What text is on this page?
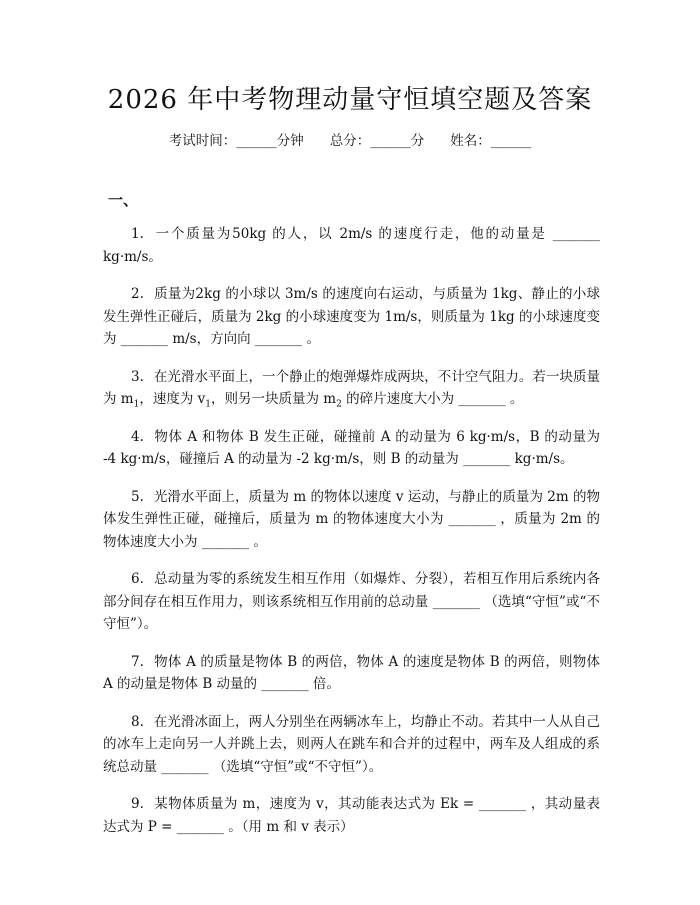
2026 年中考物理动量守恒填空题及答案
考试时间：______分钟 总分：______分 姓名：______
一、

1. 一个质量为50kg 的人，以 2m/s 的速度行走，他的动量是 _______ kg·m/s。

2. 质量为2kg 的小球以 3m/s 的速度向右运动，与质量为 1kg、静止的小球发生弹性正碰后，质量为 2kg 的小球速度变为 1m/s，则质量为 1kg 的小球速度变为 _______ m/s，方向向 _______ 。

3. 在光滑水平面上，一个静止的炮弹爆炸成两块，不计空气阻力。若一块质量为 $m_1$，速度为 $v_1$，则另一块质量为 $m_2$ 的碎片速度大小为 _______ 。

4. 物体 A 和物体 B 发生正碰，碰撞前 A 的动量为 6 kg·m/s，B 的动量为 -4 kg·m/s，碰撞后 A 的动量为 -2 kg·m/s，则 B 的动量为 _______ kg·m/s。

5. 光滑水平面上，质量为 m 的物体以速度 v 运动，与静止的质量为 2m 的物体发生弹性正碰，碰撞后，质量为 m 的物体速度大小为 _______ ，质量为 2m 的物体速度大小为 _______ 。

6. 总动量为零的系统发生相互作用（如爆炸、分裂），若相互作用后系统内各部分间存在相互作用力，则该系统相互作用前的总动量 _______ （选填“守恒”或“不守恒”）。

7. 物体 A 的质量是物体 B 的两倍，物体 A 的速度是物体 B 的两倍，则物体 A 的动量是物体 B 动量的 _______ 倍。

8. 在光滑冰面上，两人分别坐在两辆冰车上，均静止不动。若其中一人从自己的冰车上走向另一人并跳上去，则两人在跳车和合并的过程中，两车及人组成的系统总动量 _______ （选填“守恒”或“不守恒”）。

9. 某物体质量为 m，速度为 v，其动能表达式为 Ek = _______ ，其动量表达式为 P = _______ 。（用 m 和 v 表示）
